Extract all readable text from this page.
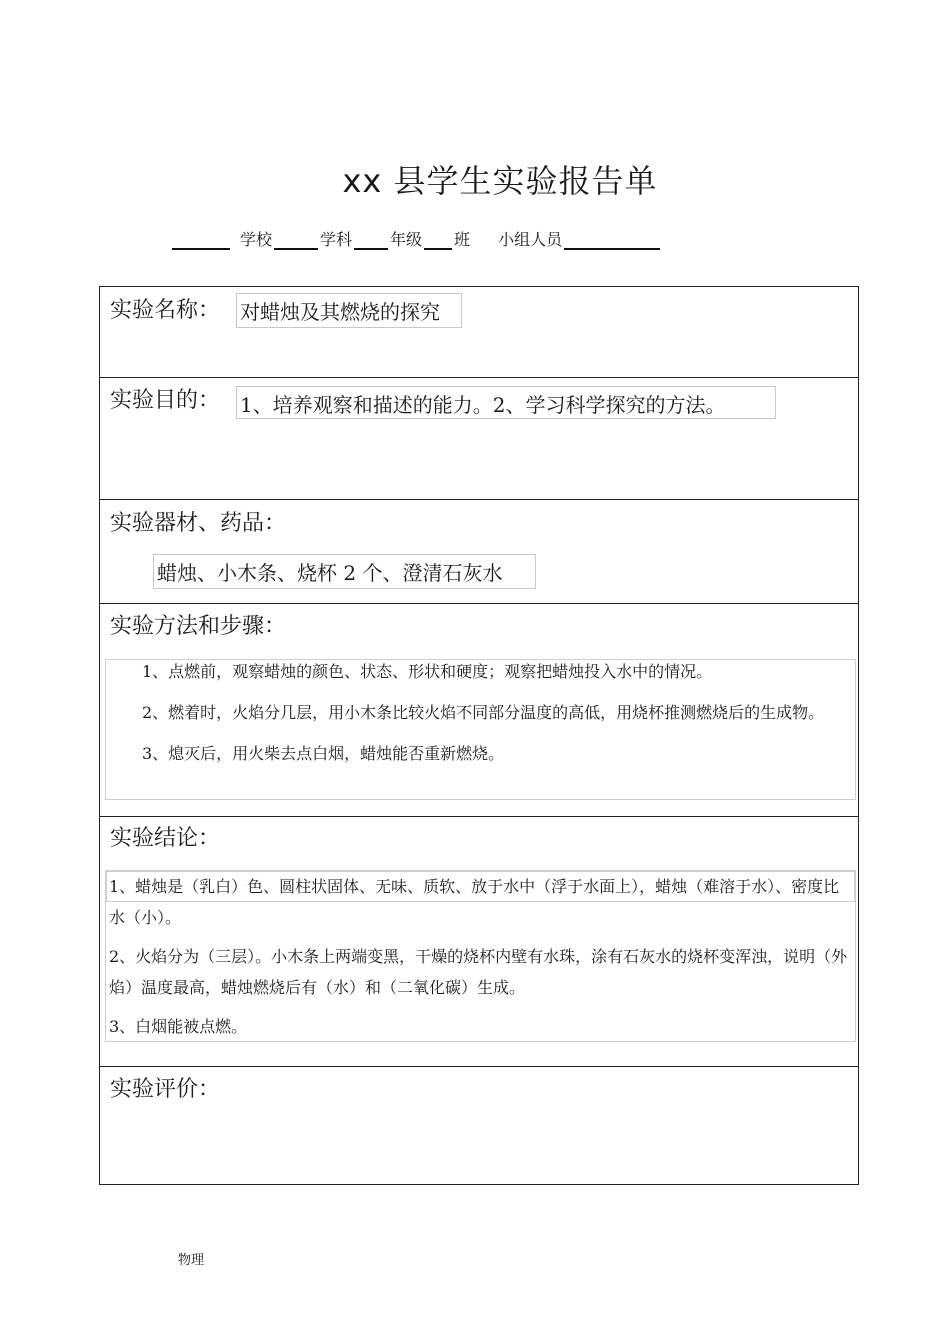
xx 县学生实验报告单
学校	学科 年级 班 小组人员
实验名称： 对蜡烛及其燃烧的探究
实验目的： 1、培养观察和描述的能力。2、学习科学探究的方法。
实验器材、药品：
蜡烛、小木条、烧杯 2 个、澄清石灰水
实验方法和步骤：

1、点燃前，观察蜡烛的颜色、状态、形状和硬度；观察把蜡烛投入水中的情况。

2、燃着时，火焰分几层，用小木条比较火焰不同部分温度的高低，用烧杯推测燃烧后的生成物。

3、熄灭后，用火柴去点白烟，蜡烛能否重新燃烧。

实验结论：

1、蜡烛是（乳白）色、圆柱状固体、无味、质软、放于水中（浮于水面上），蜡烛（难溶于水）、密度比水（小）。

2、火焰分为（三层）。小木条上两端变黑，干燥的烧杯内壁有水珠，涂有石灰水的烧杯变浑浊，说明（外焰）温度最高，蜡烛燃烧后有（水）和（二氧化碳）生成。

3、白烟能被点燃。

实验评价：
物理
